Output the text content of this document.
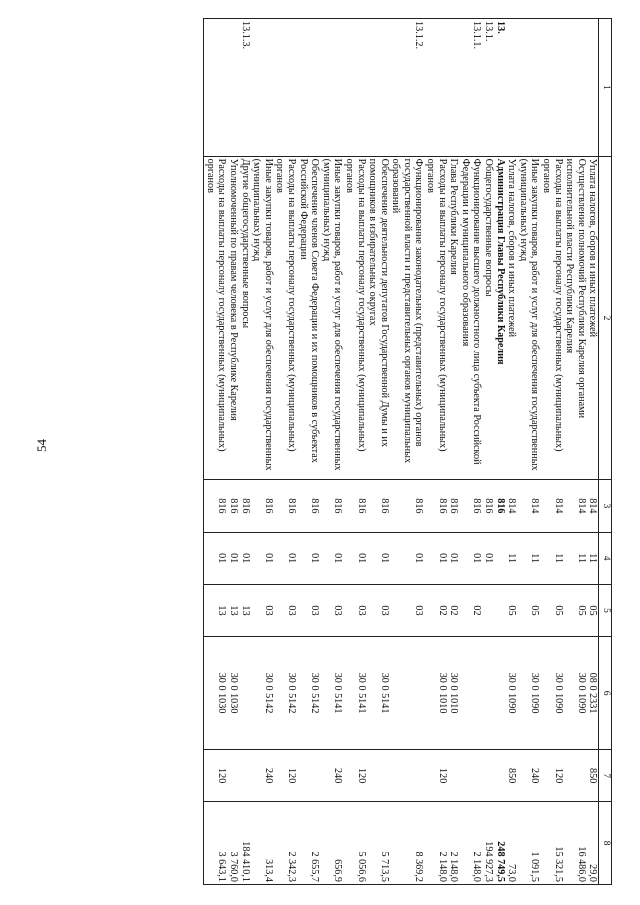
54
1	2	3	4	5	6	7	8
	Уплата налогов, сборов и иных платежей	814	11	05	08 0 2331	850	29,0
	Осуществление полномочий Республики Карелия органами исполнительной власти Республики Карелия	814	11	05	30 0 1090		16 486,0
	Расходы на выплаты персоналу государственных (муниципальных) органов	814	11	05	30 0 1090	120	15 321,5
	Иные закупки товаров, работ и услуг для обеспечения государственных (муниципальных) нужд	814	11	05	30 0 1090	240	1 091,5
	Уплата налогов, сборов и иных платежей	814	11	05	30 0 1090	850	73,0
13.	Администрация Главы Республики Карелия	816					248 749,5
13.1.	Общегосударственные вопросы	816	01				194 927,3
13.1.1.	Функционирование высшего должностного лица субъекта Российской Федерации и муниципального образования	816	01	02			2 148,0
	Глава Республики Карелия	816	01	02	30 0 1010		2 148,0
	Расходы на выплаты персоналу государственных (муниципальных) органов	816	01	02	30 0 1010	120	2 148,0
13.1.2.	Функционирование законодательных (представительных) органов государственной власти и представительных органов муниципальных образований	816	01	03			8 369,2
	Обеспечение деятельности депутатов Государственной Думы и их помощников в избирательных округах	816	01	03	30 0 5141		5 713,5
	Расходы на выплаты персоналу государственных (муниципальных) органов	816	01	03	30 0 5141	120	5 056,6
	Иные закупки товаров, работ и услуг для обеспечения государственных (муниципальных) нужд	816	01	03	30 0 5141	240	656,9
	Обеспечение членов Совета Федерации и их помощников в субъектах Российской Федерации	816	01	03	30 0 5142		2 655,7
	Расходы на выплаты персоналу государственных (муниципальных) органов	816	01	03	30 0 5142	120	2 342,3
	Иные закупки товаров, работ и услуг для обеспечения государственных (муниципальных) нужд	816	01	03	30 0 5142	240	313,4
13.1.3.	Другие общегосударственные вопросы	816	01	13			184 410,1
	Уполномоченный по правам человека в Республике Карелия	816	01	13	30 0 1030		3 760,0
	Расходы на выплаты персоналу государственных (муниципальных) органов	816	01	13	30 0 1030	120	3 643,1
